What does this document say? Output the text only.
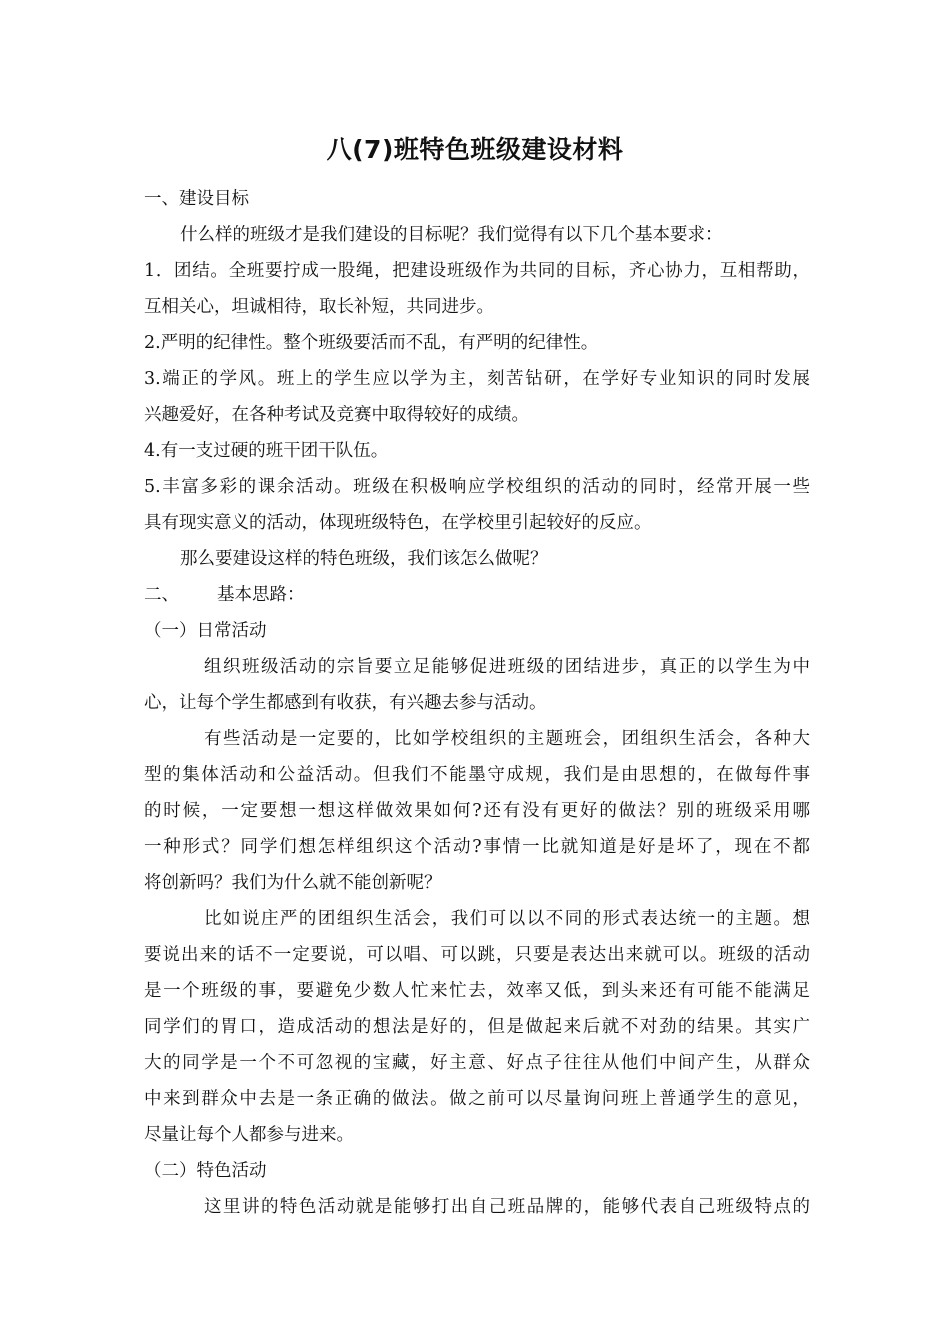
八(7)班特色班级建设材料
一、建设目标
什么样的班级才是我们建设的目标呢？我们觉得有以下几个基本要求：
1．团结。全班要拧成一股绳，把建设班级作为共同的目标，齐心协力，互相帮助，
互相关心，坦诚相待，取长补短，共同进步。
2.严明的纪律性。整个班级要活而不乱，有严明的纪律性。
3.端正的学风。班上的学生应以学为主，刻苦钻研，在学好专业知识的同时发展
兴趣爱好，在各种考试及竞赛中取得较好的成绩。
4.有一支过硬的班干团干队伍。
5.丰富多彩的课余活动。班级在积极响应学校组织的活动的同时，经常开展一些
具有现实意义的活动，体现班级特色，在学校里引起较好的反应。
那么要建设这样的特色班级，我们该怎么做呢？
二、 基本思路：
（一）日常活动
组织班级活动的宗旨要立足能够促进班级的团结进步，真正的以学生为中
心，让每个学生都感到有收获，有兴趣去参与活动。
有些活动是一定要的，比如学校组织的主题班会，团组织生活会，各种大
型的集体活动和公益活动。但我们不能墨守成规，我们是由思想的，在做每件事
的时候，一定要想一想这样做效果如何?还有没有更好的做法？别的班级采用哪
一种形式？同学们想怎样组织这个活动?事情一比就知道是好是坏了，现在不都
将创新吗？我们为什么就不能创新呢？
比如说庄严的团组织生活会，我们可以以不同的形式表达统一的主题。想
要说出来的话不一定要说，可以唱、可以跳，只要是表达出来就可以。班级的活动
是一个班级的事，要避免少数人忙来忙去，效率又低，到头来还有可能不能满足
同学们的胃口，造成活动的想法是好的，但是做起来后就不对劲的结果。其实广
大的同学是一个不可忽视的宝藏，好主意、好点子往往从他们中间产生，从群众
中来到群众中去是一条正确的做法。做之前可以尽量询问班上普通学生的意见，
尽量让每个人都参与进来。
（二）特色活动
这里讲的特色活动就是能够打出自己班品牌的，能够代表自己班级特点的
